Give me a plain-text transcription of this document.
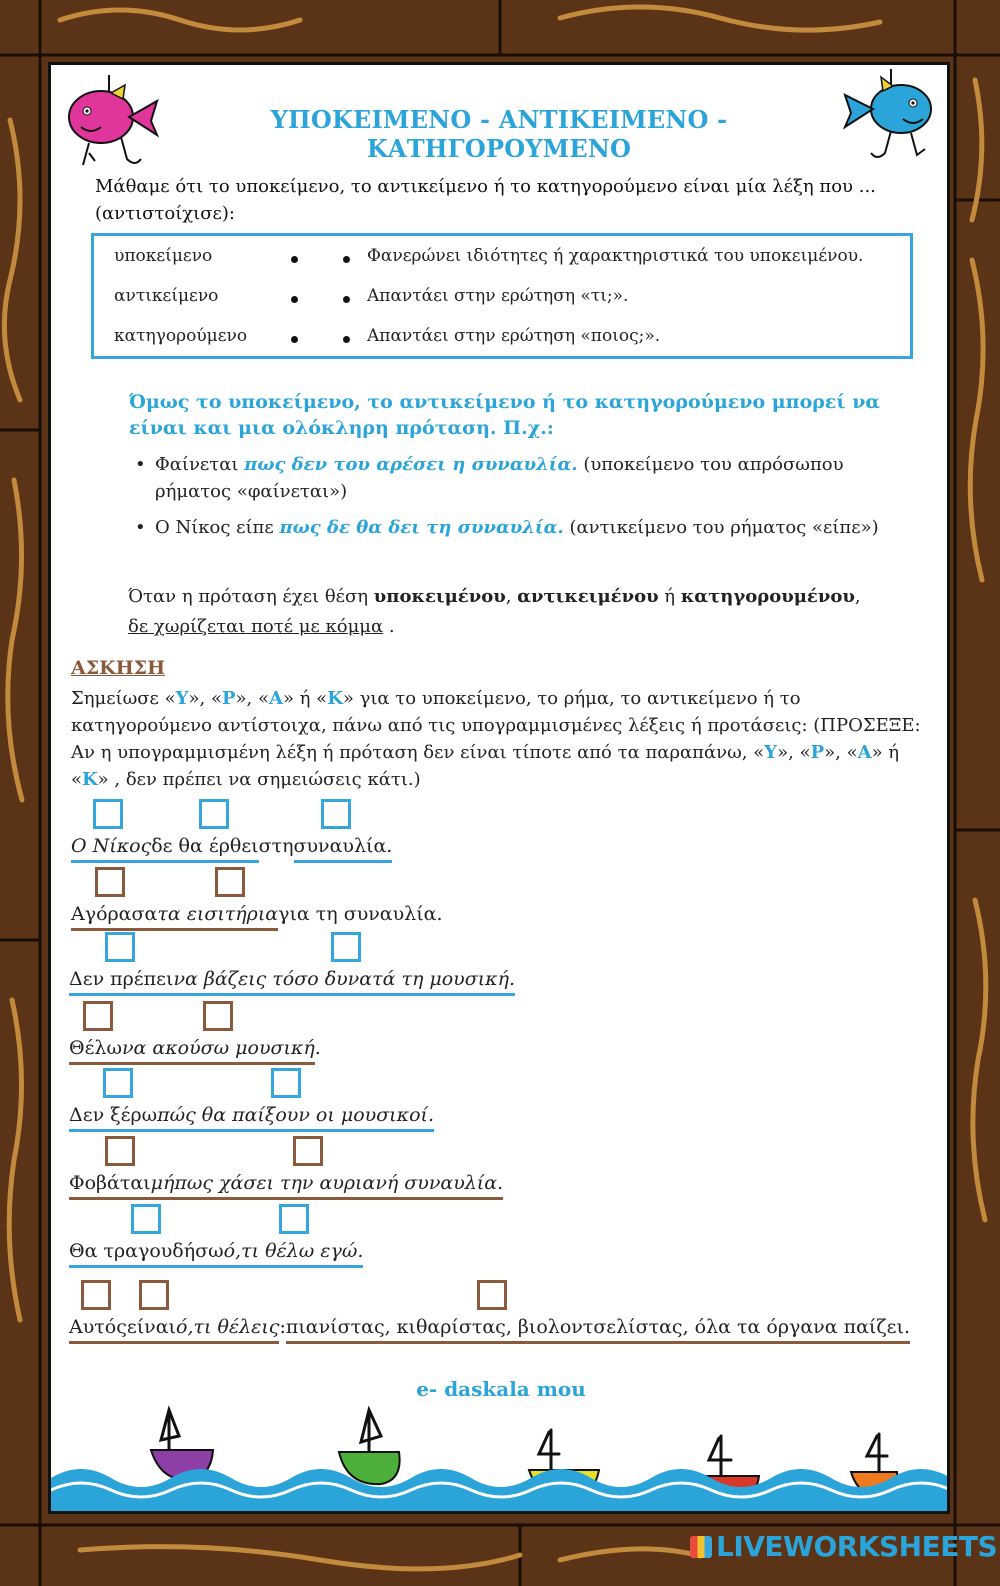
ΥΠΟΚΕΙΜΕΝΟ - ΑΝΤΙΚΕΙΜΕΝΟ - ΚΑΤΗΓΟΡΟΥΜΕΝΟ
Μάθαμε ότι το υποκείμενο, το αντικείμενο ή το κατηγορούμενο είναι μία λέξη που ... (αντιστοίχισε):
υποκείμενο	Φανερώνει ιδιότητες ή χαρακτηριστικά του υποκειμένου.
αντικείμενο	Απαντάει στην ερώτηση «τι;».
κατηγορούμενο	Απαντάει στην ερώτηση «ποιος;».
Όμως το υποκείμενο, το αντικείμενο ή το κατηγορούμενο μπορεί να είναι και μια ολόκληρη πρόταση. Π.χ.:
• Φαίνεται πως δεν του αρέσει η συναυλία. (υποκείμενο του απρόσωπου ρήματος «φαίνεται»)
• Ο Νίκος είπε πως δε θα δει τη συναυλία. (αντικείμενο του ρήματος «είπε»)
Όταν η πρόταση έχει θέση υποκειμένου, αντικειμένου ή κατηγορουμένου,
δε χωρίζεται ποτέ με κόμμα .
ΑΣΚΗΣΗ
Σημείωσε «Υ», «Ρ», «Α» ή «Κ» για το υποκείμενο, το ρήμα, το αντικείμενο ή το κατηγορούμενο αντίστοιχα, πάνω από τις υπογραμμισμένες λέξεις ή προτάσεις: (ΠΡΟΣΕΞΕ: Αν η υπογραμμισμένη λέξη ή πρόταση δεν είναι τίποτε από τα παραπάνω, «Υ», «Ρ», «Α» ή «Κ» , δεν πρέπει να σημειώσεις κάτι.)
Ο Νίκοςδε θα έρθειστησυναυλία.
Αγόρασατα εισιτήριαγια τη συναυλία.
Δεν πρέπεινα βάζεις τόσο δυνατά τη μουσική.
Θέλωνα ακούσω μουσική.
Δεν ξέρωπώς θα παίξουν οι μουσικοί.
Φοβάταιμήπως χάσει την αυριανή συναυλία.
Θα τραγουδήσωό,τι θέλω εγώ.
Αυτόςείναιό,τι θέλεις:πιανίστας, κιθαρίστας, βιολοντσελίστας, όλα τα όργανα παίζει.
e- daskala mou
LIVEWORKSHEETS
